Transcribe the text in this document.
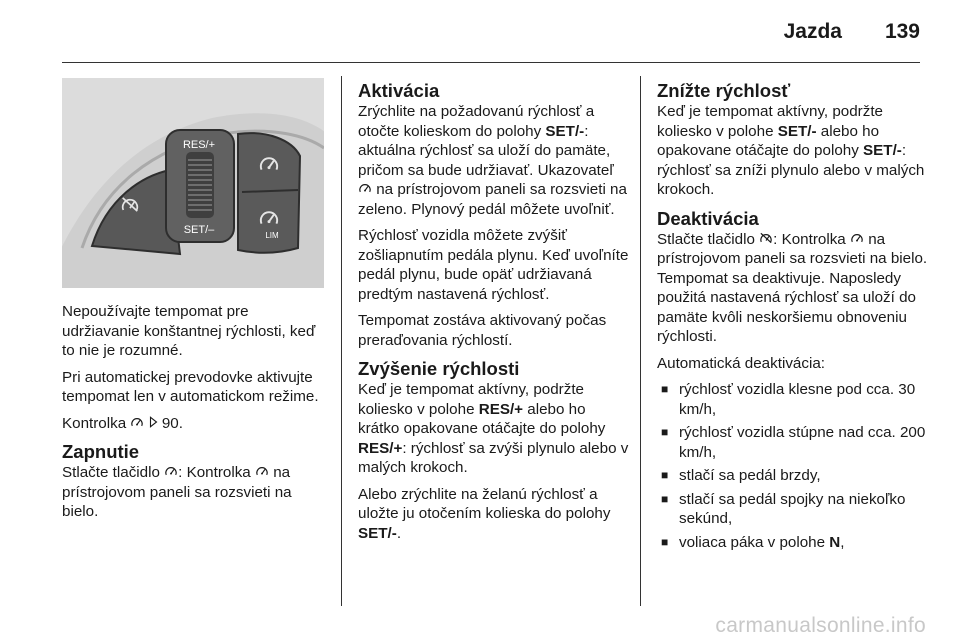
Jazda 139
RES/+
SET/–	LIM

Nepoužívajte tempomat pre udržiavanie konštantnej rýchlosti, keď to nie je rozumné.

Pri automatickej prevodovke aktivujte tempomat len v automatickom režime.

Kontrolka   90.

Zapnutie

Stlačte tlačidlo : Kontrolka  na prístrojovom paneli sa rozsvieti na bielo.

Aktivácia

Zrýchlite na požadovanú rýchlosť a otočte kolieskom do polohy SET/-: aktuálna rýchlosť sa uloží do pamäte, pričom sa bude udržiavať. Ukazovateľ  na prístrojovom paneli sa rozsvieti na zeleno. Plynový pedál môžete uvoľniť.

Rýchlosť vozidla môžete zvýšiť zošliapnutím pedála plynu. Keď uvoľníte pedál plynu, bude opäť udržiavaná predtým nastavená rýchlosť.

Tempomat zostáva aktivovaný počas preraďovania rýchlostí.

Zvýšenie rýchlosti

Keď je tempomat aktívny, podržte koliesko v polohe RES/+ alebo ho krátko opakovane otáčajte do polohy RES/+: rýchlosť sa zvýši plynulo alebo v malých krokoch.

Alebo zrýchlite na želanú rýchlosť a uložte ju otočením kolieska do polohy SET/-.

Znížte rýchlosť

Keď je tempomat aktívny, podržte koliesko v polohe SET/- alebo ho opakovane otáčajte do polohy SET/-: rýchlosť sa zníži plynulo alebo v malých krokoch.

Deaktivácia

Stlačte tlačidlo : Kontrolka  na prístrojovom paneli sa rozsvieti na bielo. Tempomat sa deaktivuje. Naposledy použitá nastavená rýchlosť sa uloží do pamäte kvôli neskoršiemu obnoveniu rýchlosti.

Automatická deaktivácia:

■ rýchlosť vozidla klesne pod cca. 30 km/h,
■ rýchlosť vozidla stúpne nad cca. 200 km/h,
■ stlačí sa pedál brzdy,
■ stlačí sa pedál spojky na niekoľko sekúnd,
■ voliaca páka v polohe N,
carmanualsonline.info
